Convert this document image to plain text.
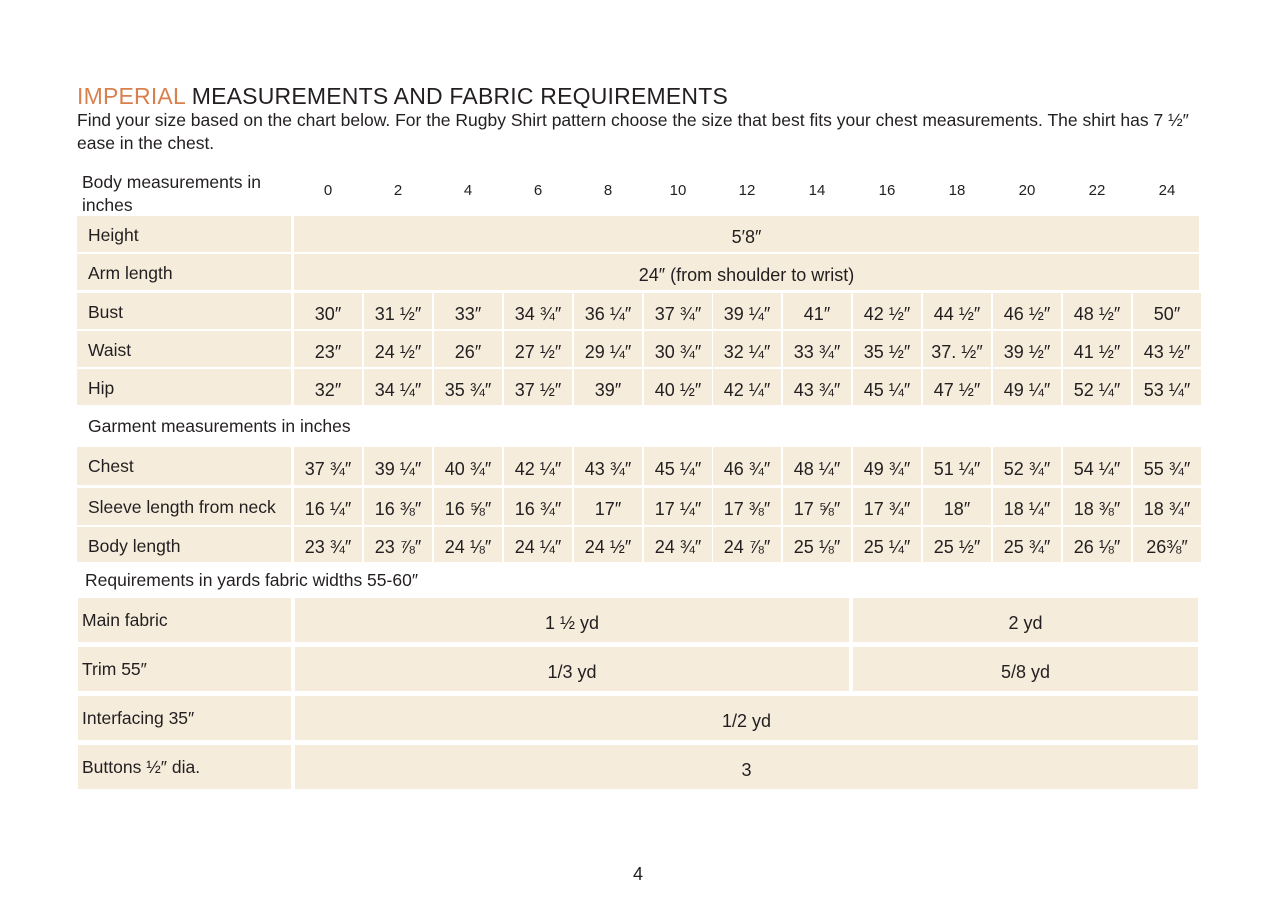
IMPERIAL MEASUREMENTS AND FABRIC REQUIREMENTS
Find your size based on the chart below. For the Rugby Shirt pattern choose the size that best fits your chest measurements. The shirt has 7 ½″ ease in the chest.
Body measurements in inches
0	2	4	6	8	10	12	14	16	18	20	22	24
Height	5′8″
Arm length	24″ (from shoulder to wrist)
Bust	30″	31 ½″	33″	34 ¾″	36 ¼″	37 ¾″	39 ¼″	41″	42 ½″	44 ½″	46 ½″	48 ½″	50″
Waist	23″	24 ½″	26″	27 ½″	29 ¼″	30 ¾″	32 ¼″	33 ¾″	35 ½″	37. ½″	39 ½″	41 ½″	43 ½″
Hip	32″	34 ¼″	35 ¾″	37 ½″	39″	40 ½″	42 ¼″	43 ¾″	45 ¼″	47 ½″	49 ¼″	52 ¼″	53 ¼″
Garment measurements in inches
Chest	37 ¾″	39 ¼″	40 ¾″	42 ¼″	43 ¾″	45 ¼″	46 ¾″	48 ¼″	49 ¾″	51 ¼″	52 ¾″	54 ¼″	55 ¾″
Sleeve length from neck	16 ¼″	16 ⅜″	16 ⅝″	16 ¾″	17″	17 ¼″	17 ⅜″	17 ⅝″	17 ¾″	18″	18 ¼″	18 ⅜″	18 ¾″
Body length	23 ¾″	23 ⅞″	24 ⅛″	24 ¼″	24 ½″	24 ¾″	24 ⅞″	25 ⅛″	25 ¼″	25 ½″	25 ¾″	26 ⅛″	26⅜″
Requirements in yards fabric widths 55-60″
Main fabric	1 ½ yd	2 yd
Trim 55″	1/3 yd	5/8 yd
Interfacing 35″	1/2 yd
Buttons ½″ dia.	3
4
